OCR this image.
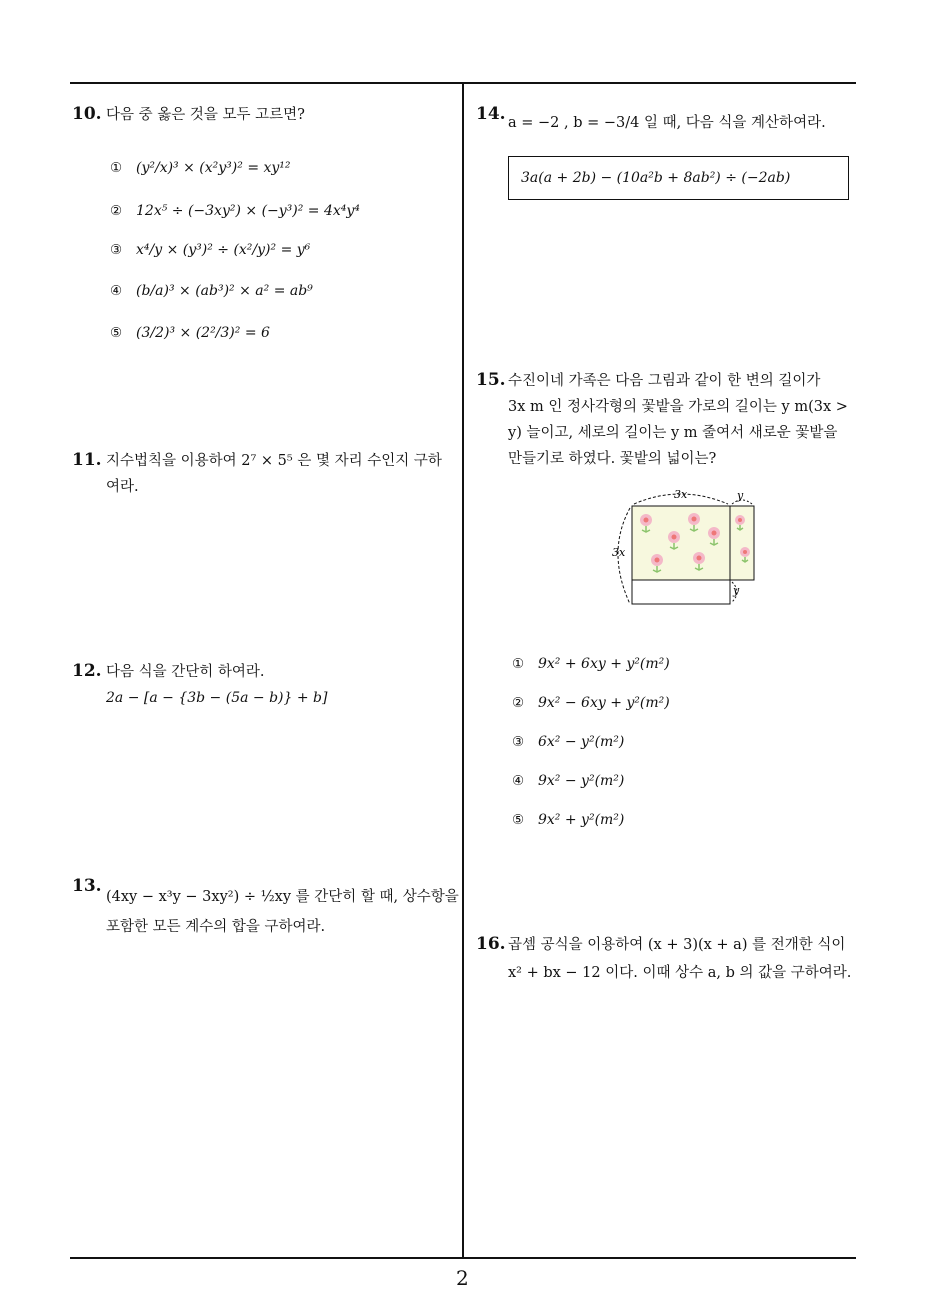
10. 다음 중 옳은 것을 모두 고르면?
① (y²/x)³ × (x²y³)² = xy¹²
② 12x⁵ ÷ (−3xy²) × (−y³)² = 4x⁴y⁴
③ x⁴/y × (y³)² ÷ (x²/y)² = y⁶
④ (b/a)³ × (ab³)² × a² = ab⁹
⑤ (3/2)³ × (2²/3)² = 6
11. 지수법칙을 이용하여 2⁷ × 5⁵ 은 몇 자리 수인지 구하
여라.
12. 다음 식을 간단히 하여라.
2a − [a − {3b − (5a − b)} + b]
13.
(4xy − x³y − 3xy²) ÷ ½xy 를 간단히 할 때, 상수항을
포함한 모든 계수의 합을 구하여라.
14. a = −2 , b = −3/4 일 때, 다음 식을 계산하여라.
3a(a + 2b) − (10a²b + 8ab²) ÷ (−2ab)
15. 수진이네 가족은 다음 그림과 같이 한 변의 길이가
3x m 인 정사각형의 꽃밭을 가로의 길이는 y m(3x >
y) 늘이고, 세로의 길이는 y m 줄여서 새로운 꽃밭을
만들기로 하였다. 꽃밭의 넓이는?
3x
3x
y
y
① 9x² + 6xy + y²(m²)
② 9x² − 6xy + y²(m²)
③ 6x² − y²(m²)
④ 9x² − y²(m²)
⑤ 9x² + y²(m²)
16. 곱셈 공식을 이용하여 (x + 3)(x + a) 를 전개한 식이
x² + bx − 12 이다. 이때 상수 a, b 의 값을 구하여라.
2
